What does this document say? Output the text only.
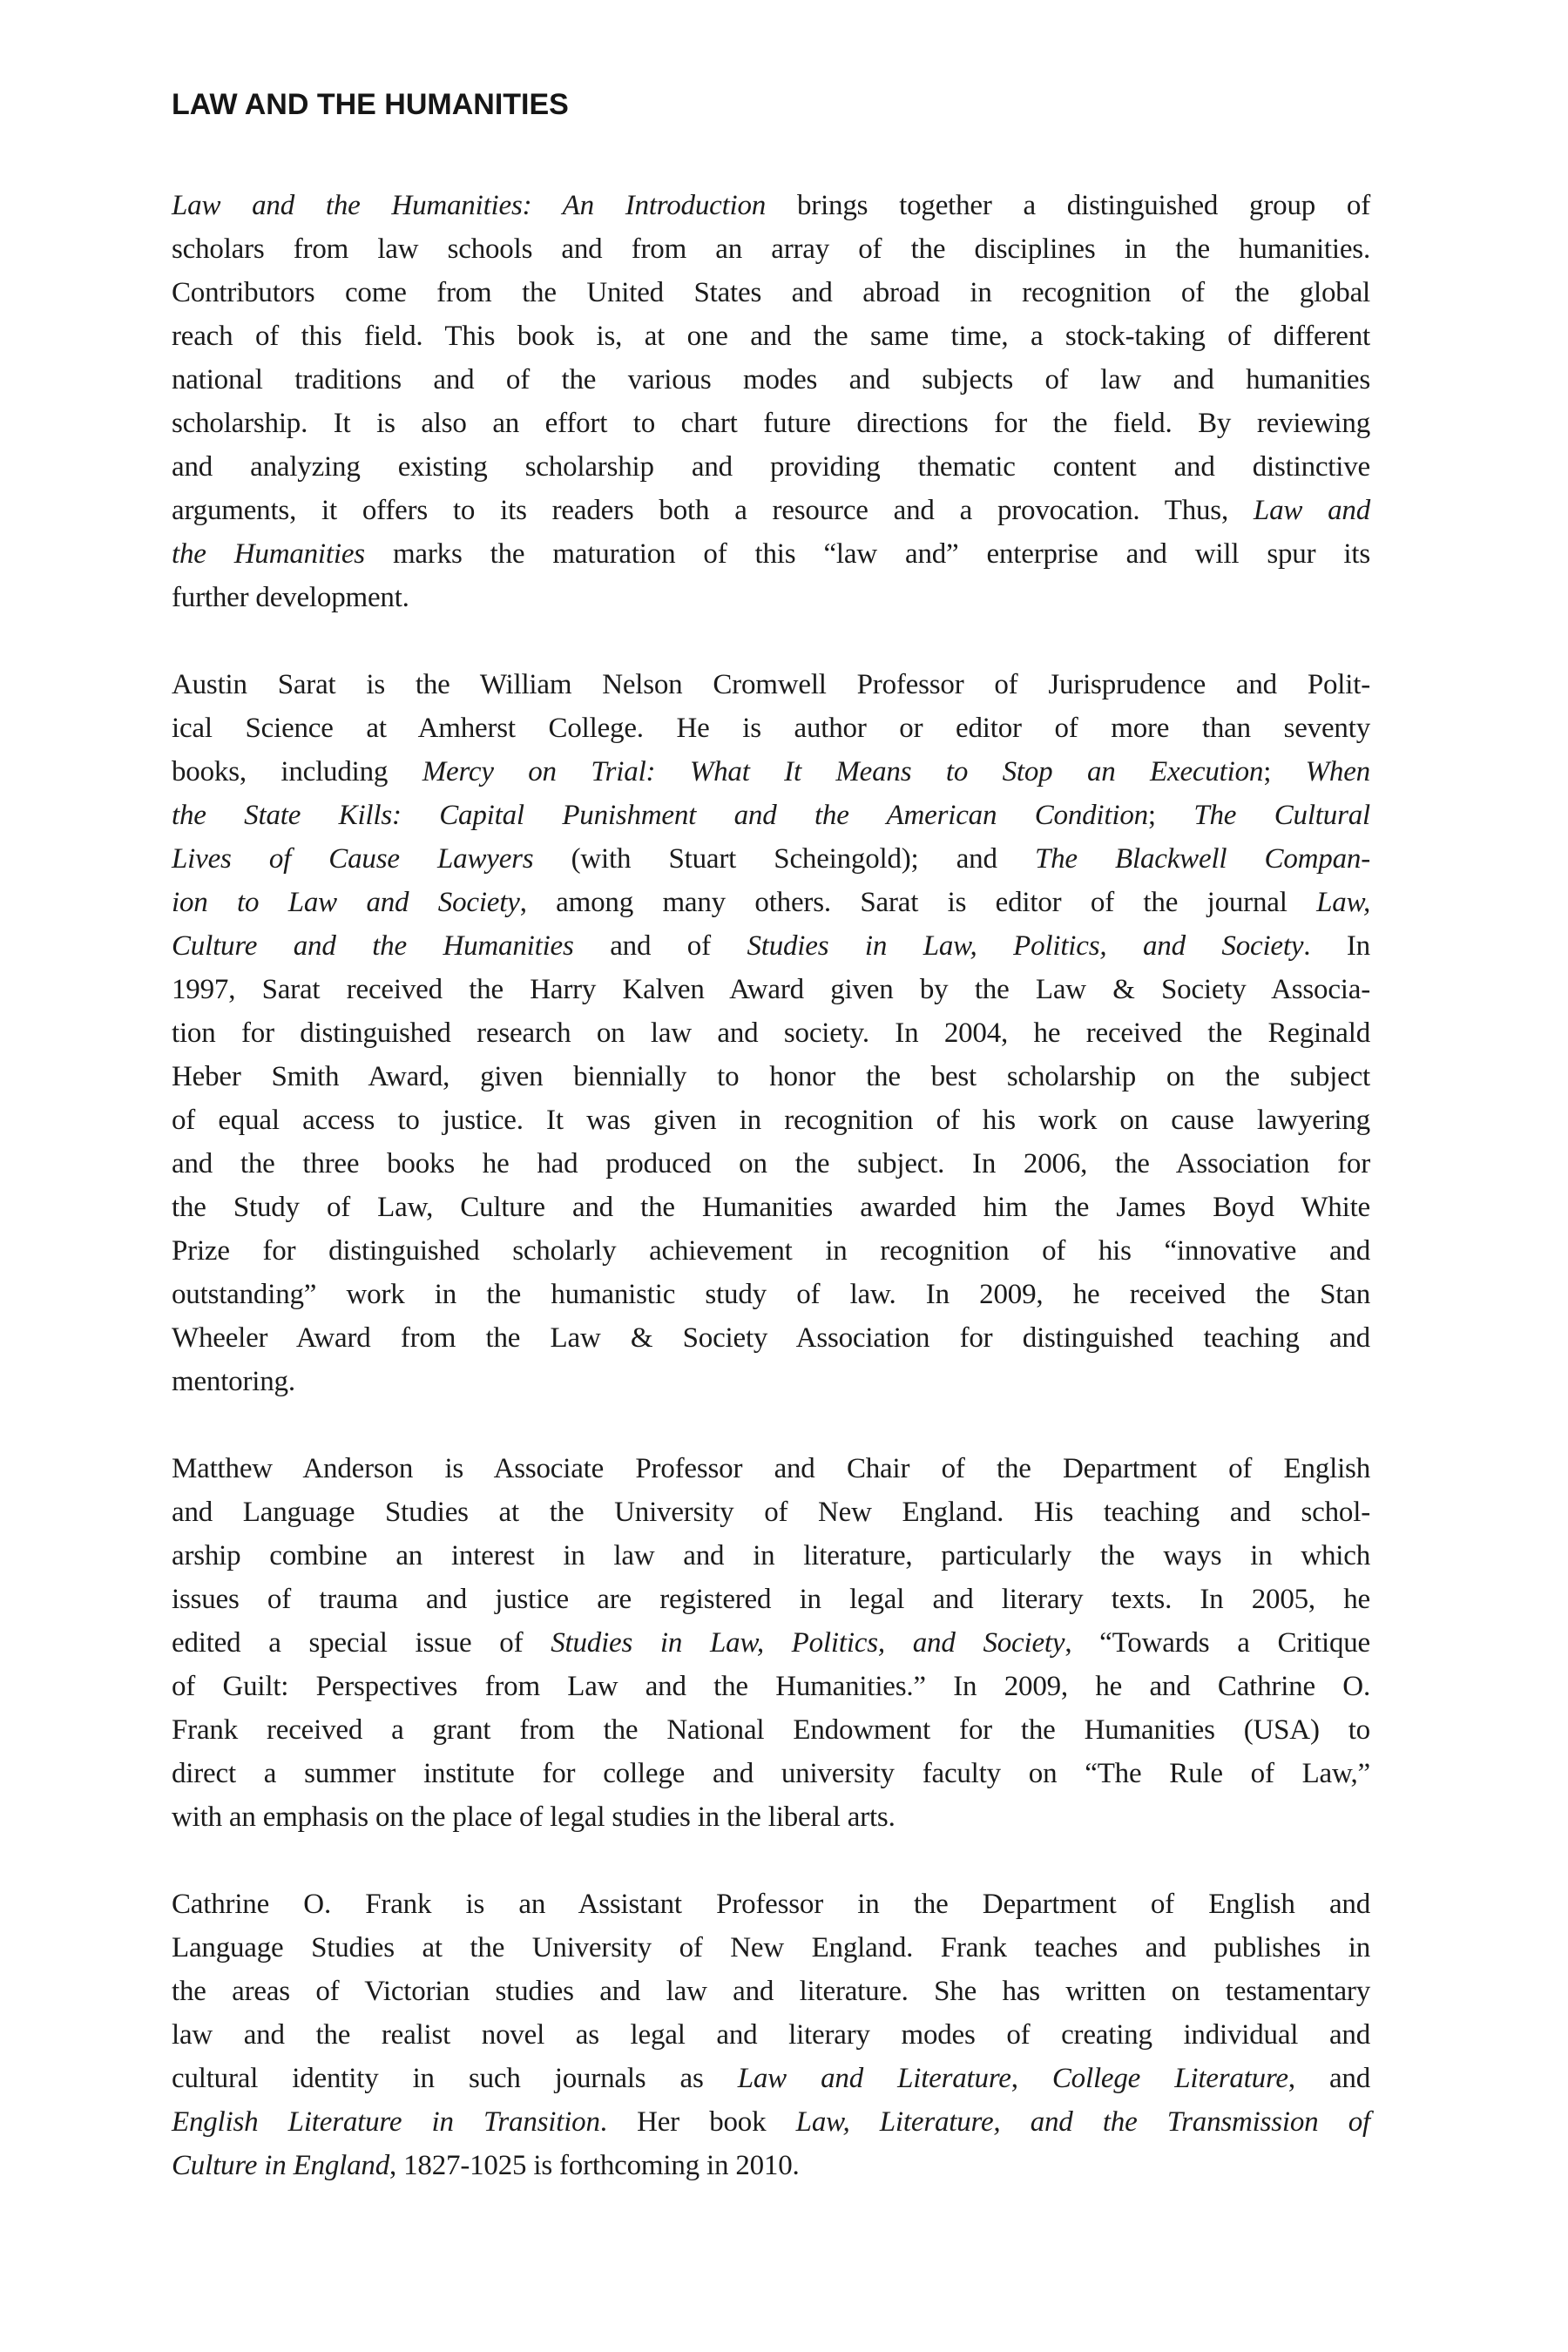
LAW AND THE HUMANITIES
Law and the Humanities: An Introduction brings together a distinguished group of
scholars from law schools and from an array of the disciplines in the humanities.
Contributors come from the United States and abroad in recognition of the global
reach of this field. This book is, at one and the same time, a stock-taking of different
national traditions and of the various modes and subjects of law and humanities
scholarship. It is also an effort to chart future directions for the field. By reviewing
and analyzing existing scholarship and providing thematic content and distinctive
arguments, it offers to its readers both a resource and a provocation. Thus, Law and
the Humanities marks the maturation of this “law and” enterprise and will spur its
further development.
Austin Sarat is the William Nelson Cromwell Professor of Jurisprudence and Polit-
ical Science at Amherst College. He is author or editor of more than seventy
books, including Mercy on Trial: What It Means to Stop an Execution; When
the State Kills: Capital Punishment and the American Condition; The Cultural
Lives of Cause Lawyers (with Stuart Scheingold); and The Blackwell Compan-
ion to Law and Society, among many others. Sarat is editor of the journal Law,
Culture and the Humanities and of Studies in Law, Politics, and Society. In
1997, Sarat received the Harry Kalven Award given by the Law & Society Associa-
tion for distinguished research on law and society. In 2004, he received the Reginald
Heber Smith Award, given biennially to honor the best scholarship on the subject
of equal access to justice. It was given in recognition of his work on cause lawyering
and the three books he had produced on the subject. In 2006, the Association for
the Study of Law, Culture and the Humanities awarded him the James Boyd White
Prize for distinguished scholarly achievement in recognition of his “innovative and
outstanding” work in the humanistic study of law. In 2009, he received the Stan
Wheeler Award from the Law & Society Association for distinguished teaching and
mentoring.
Matthew Anderson is Associate Professor and Chair of the Department of English
and Language Studies at the University of New England. His teaching and schol-
arship combine an interest in law and in literature, particularly the ways in which
issues of trauma and justice are registered in legal and literary texts. In 2005, he
edited a special issue of Studies in Law, Politics, and Society, “Towards a Critique
of Guilt: Perspectives from Law and the Humanities.” In 2009, he and Cathrine O.
Frank received a grant from the National Endowment for the Humanities (USA) to
direct a summer institute for college and university faculty on “The Rule of Law,”
with an emphasis on the place of legal studies in the liberal arts.
Cathrine O. Frank is an Assistant Professor in the Department of English and
Language Studies at the University of New England. Frank teaches and publishes in
the areas of Victorian studies and law and literature. She has written on testamentary
law and the realist novel as legal and literary modes of creating individual and
cultural identity in such journals as Law and Literature, College Literature, and
English Literature in Transition. Her book Law, Literature, and the Transmission of
Culture in England, 1827-1025 is forthcoming in 2010.
